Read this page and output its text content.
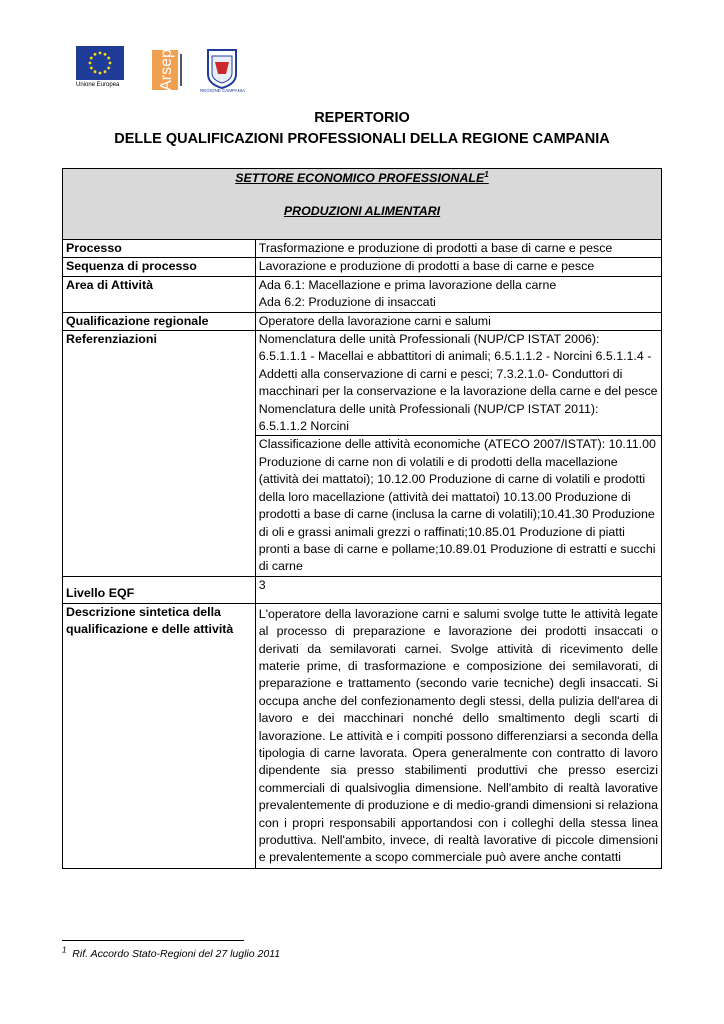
Unione Europea Arsep	REGIONE CAMPANIA
REPERTORIO
DELLE QUALIFICAZIONI PROFESSIONALI DELLA REGIONE CAMPANIA
SETTORE ECONOMICO PROFESSIONALE$^1$
PRODUZIONI ALIMENTARI	

Processo	Trasformazione e produzione di prodotti a base di carne e pesce
Sequenza di processo	Lavorazione e produzione di prodotti a base di carne e pesce
Area di Attività	Ada 6.1: Macellazione e prima lavorazione della carne
Ada 6.2: Produzione di insaccati

Qualificazione regionale	Operatore della lavorazione carni e salumi
Referenziazioni	Nomenclatura delle unità Professionali (NUP/CP ISTAT 2006):
6.5.1.1.1 - Macellai e abbattitori di animali; 6.5.1.1.2 - Norcini 6.5.1.1.4 - Addetti alla conservazione di carni e pesci; 7.3.2.1.0- Conduttori di macchinari per la conservazione e la lavorazione della carne e del pesce
Nomenclatura delle unità Professionali (NUP/CP ISTAT 2011):
6.5.1.1.2 Norcini

	Classificazione delle attività economiche (ATECO 2007/ISTAT): 10.11.00 Produzione di carne non di volatili e di prodotti della macellazione (attività dei mattatoi); 10.12.00 Produzione di carne di volatili e prodotti della loro macellazione (attività dei mattatoi) 10.13.00 Produzione di prodotti a base di carne (inclusa la carne di volatili);10.41.30 Produzione di oli e grassi animali grezzi o raffinati;10.85.01 Produzione di piatti pronti a base di carne e pollame;10.89.01 Produzione di estratti e succhi di carne
Livello EQF	3
Descrizione sintetica della qualificazione e delle attività	L'operatore della lavorazione carni e salumi svolge tutte le attività legate al processo di preparazione e lavorazione dei prodotti insaccati o derivati da semilavorati carnei. Svolge attività di ricevimento delle materie prime, di trasformazione e composizione dei semilavorati, di preparazione e trattamento (secondo varie tecniche) degli insaccati. Si occupa anche del confezionamento degli stessi, della pulizia dell'area di lavoro e dei macchinari nonché dello smaltimento degli scarti di lavorazione. Le attività e i compiti possono differenziarsi a seconda della tipologia di carne lavorata. Opera generalmente con contratto di lavoro dipendente sia presso stabilimenti produttivi che presso esercizi commerciali di qualsivoglia dimensione. Nell'ambito di realtà lavorative prevalentemente di produzione e di medio-grandi dimensioni si relaziona con i propri responsabili apportandosi con i colleghi della stessa linea produttiva. Nell'ambito, invece, di realtà lavorative di piccole dimensioni e prevalentemente a scopo commerciale può avere anche contatti
$^1$ Rif. Accordo Stato-Regioni del 27 luglio 2011
